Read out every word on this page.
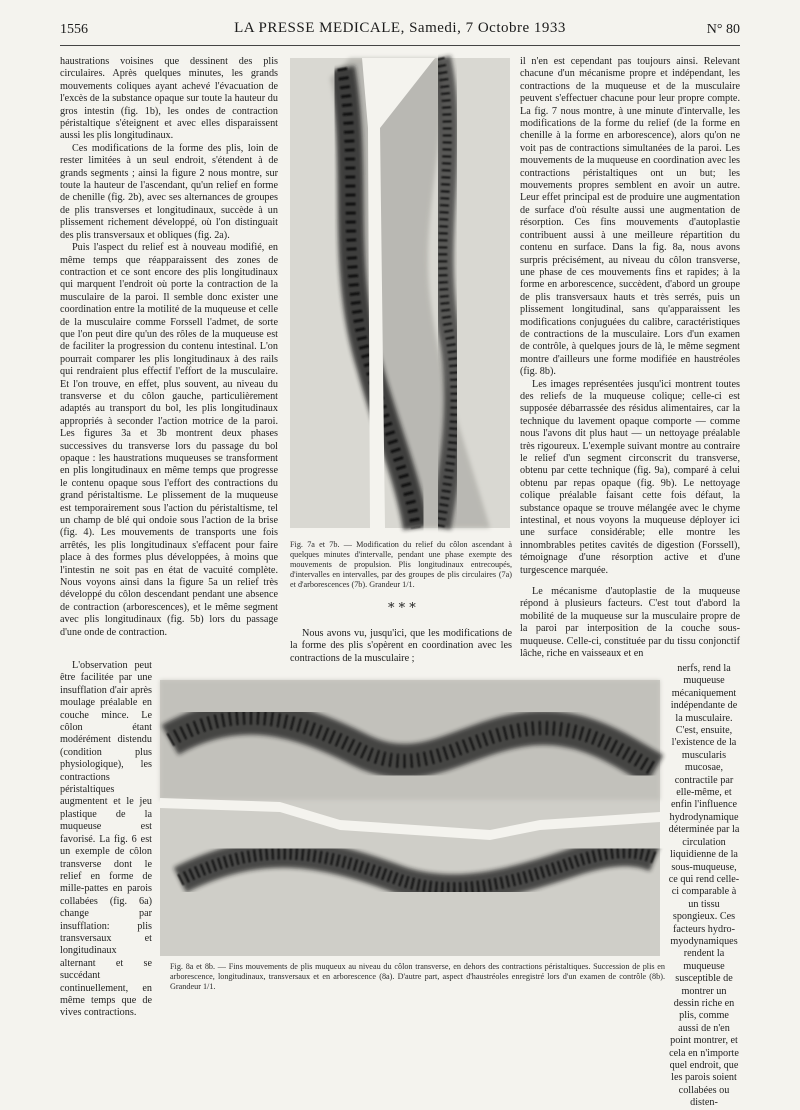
1556	LA PRESSE MEDICALE, Samedi, 7 Octobre 1933	N° 80

haustrations voisines que dessinent des plis circulaires. Après quelques minutes, les grands mouvements coliques ayant achevé l'évacuation de l'excès de la substance opaque sur toute la hauteur du gros intestin (fig. 1b), les ondes de contraction péristaltique s'éteignent et avec elles disparaissent aussi les plis longitudinaux.

Ces modifications de la forme des plis, loin de rester limitées à un seul endroit, s'étendent à de grands segments ; ainsi la figure 2 nous montre, sur toute la hauteur de l'ascendant, qu'un relief en forme de chenille (fig. 2b), avec ses alternances de groupes de plis transverses et longitudinaux, succède à un plissement richement développé, où l'on distinguait des plis transversaux et obliques (fig. 2a).

Puis l'aspect du relief est à nouveau modifié, en même temps que réapparaissent des zones de contraction et ce sont encore des plis longitudinaux qui marquent l'endroit où porte la contraction de la musculaire de la paroi. Il semble donc exister une coordination entre la motilité de la muqueuse et celle de la musculaire comme Forssell l'admet, de sorte que l'on peut dire qu'un des rôles de la muqueuse est de faciliter la progression du contenu intestinal. L'on pourrait comparer les plis longitudinaux à des rails qui rendraient plus effectif l'effort de la musculaire. Et l'on trouve, en effet, plus souvent, au niveau du transverse et du côlon gauche, particulièrement adaptés au transport du bol, les plis longitudinaux appropriés à seconder l'action motrice de la paroi. Les figures 3a et 3b montrent deux phases successives du transverse lors du passage du bol opaque : les haustrations muqueuses se transforment en plis longitudinaux en même temps que progresse le contenu opaque sous l'effort des contractions du grand péristaltisme. Le plissement de la muqueuse est temporairement sous l'action du péristaltisme, tel un champ de blé qui ondoie sous l'action de la brise (fig. 4). Les mouvements de transports une fois arrêtés, les plis longitudinaux s'effacent pour faire place à des formes plus développées, à moins que l'intestin ne soit pas en état de vacuité complète. Nous voyons ainsi dans la figure 5a un relief très développé du côlon descendant pendant une absence de contraction (arborescences), et le même segment avec plis longitudinaux (fig. 5b) lors du passage d'une onde de contraction.

L'observation peut être facilitée par une insufflation d'air après moulage préalable en couche mince. Le côlon étant modérément distendu (condition plus physiologique), les contractions péristaltiques augmentent et le jeu plastique de la muqueuse est favorisé. La fig. 6 est un exemple de côlon transverse dont le relief en forme de mille-pattes en parois collabées (fig. 6a) change par insufflation: plis transversaux et longitudinaux alternant et se succédant continuellement, en même temps que de vives contractions.

Fig. 7a et 7b. — Modification du relief du côlon ascendant à quelques minutes d'intervalle, pendant une phase exempte des mouvements de propulsion. Plis longitudinaux entrecoupés, d'intervalles en intervalles, par des groupes de plis circulaires (7a) et d'arborescences (7b). Grandeur 1/1.
* * *

Nous avons vu, jusqu'ici, que les modifications de la forme des plis s'opèrent en coordination avec les contractions de la musculaire ;

il n'en est cependant pas toujours ainsi. Relevant chacune d'un mécanisme propre et indépendant, les contractions de la muqueuse et de la musculaire peuvent s'effectuer chacune pour leur propre compte. La fig. 7 nous montre, à une minute d'intervalle, les modifications de la forme du relief (de la forme en chenille à la forme en arborescence), alors qu'on ne voit pas de contractions simultanées de la paroi. Les mouvements de la muqueuse en coordination avec les contractions péristaltiques ont un but; les mouvements propres semblent en avoir un autre. Leur effet principal est de produire une augmentation de surface d'où résulte aussi une augmentation de résorption. Ces fins mouvements d'autoplastie contribuent aussi à une meilleure répartition du contenu en surface. Dans la fig. 8a, nous avons surpris précisément, au niveau du côlon transverse, une phase de ces mouvements fins et rapides; à la forme en arborescence, succèdent, d'abord un groupe de plis transversaux hauts et très serrés, puis un plissement longitudinal, sans qu'apparaissent les modifications conjuguées du calibre, caractéristiques de contractions de la musculaire. Lors d'un examen de contrôle, à quelques jours de là, le même segment montre d'ailleurs une forme modifiée en haustréoles (fig. 8b).

Les images représentées jusqu'ici montrent toutes des reliefs de la muqueuse colique; celle-ci est supposée débarrassée des résidus alimentaires, car la technique du lavement opaque comporte — comme nous l'avons dit plus haut — un nettoyage préalable très rigoureux. L'exemple suivant montre au contraire le relief d'un segment circonscrit du transverse, obtenu par cette technique (fig. 9a), comparé à celui obtenu par repas opaque (fig. 9b). Le nettoyage colique préalable faisant cette fois défaut, la substance opaque se trouve mélangée avec le chyme intestinal, et nous voyons la muqueuse déployer ici une surface considérable; elle montre les innombrables petites cavités de digestion (Forssell), témoignage d'une résorption active et d'une turgescence marquée.

Le mécanisme d'autoplastie de la muqueuse répond à plusieurs facteurs. C'est tout d'abord la mobilité de la muqueuse sur la musculaire propre de la paroi par interposition de la couche sous-muqueuse. Celle-ci, constituée par du tissu conjonctif lâche, riche en vaisseaux et en

nerfs, rend la muqueuse mécaniquement indépendante de la musculaire. C'est, ensuite, l'existence de la muscularis mucosae, contractile par elle-même, et enfin l'influence hydrodynamique déterminée par la circulation liquidienne de la sous-muqueuse, ce qui rend celle-ci comparable à un tissu spongieux. Ces facteurs hydro-myodynamiques rendent la muqueuse susceptible de montrer un dessin riche en plis, comme aussi de n'en point montrer, et cela en n'importe quel endroit, que les parois soient collabées ou disten-

Fig. 8a et 8b. — Fins mouvements de plis muqueux au niveau du côlon transverse, en dehors des contractions péristaltiques. Succession de plis en arborescence, longitudinaux, transversaux et en arborescence (8a). D'autre part, aspect d'haustréoles enregistré lors d'un examen de contrôle (8b). Grandeur 1/1.
